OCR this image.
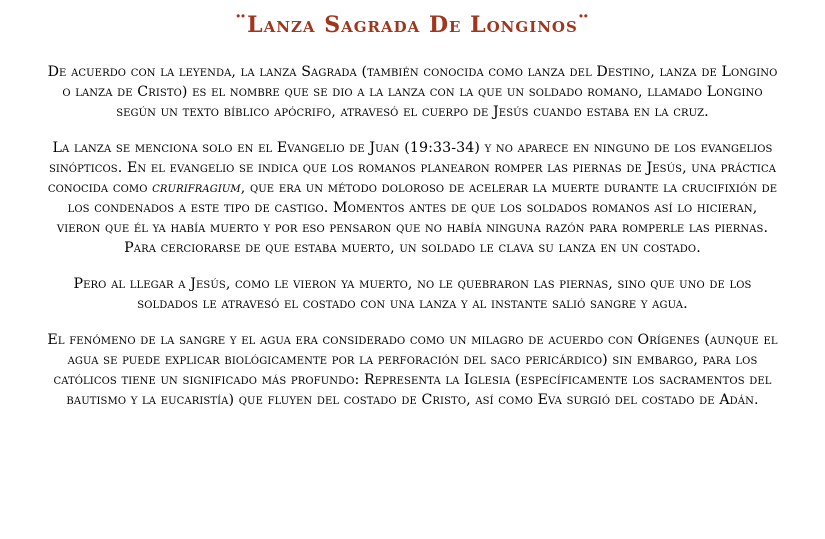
¨Lanza Sagrada De Longinos¨

De acuerdo con la leyenda, la lanza Sagrada (también conocida como lanza del Destino, lanza de Longino o lanza de Cristo) es el nombre que se dio a la lanza con la que un soldado romano, llamado Longino según un texto bíblico apócrifo, atravesó el cuerpo de Jesús cuando estaba en la cruz.

La lanza se menciona solo en el Evangelio de Juan (19:33-34) y no aparece en ninguno de los evangelios sinópticos. En el evangelio se indica que los romanos planearon romper las piernas de Jesús, una práctica conocida como crurifragium, que era un método doloroso de acelerar la muerte durante la crucifixión de los condenados a este tipo de castigo. Momentos antes de que los soldados romanos así lo hicieran, vieron que él ya había muerto y por eso pensaron que no había ninguna razón para romperle las piernas. Para cerciorarse de que estaba muerto, un soldado le clava su lanza en un costado.

Pero al llegar a Jesús, como le vieron ya muerto, no le quebraron las piernas, sino que uno de los soldados le atravesó el costado con una lanza y al instante salió sangre y agua.

El fenómeno de la sangre y el agua era considerado como un milagro de acuerdo con Orígenes (aunque el agua se puede explicar biológicamente por la perforación del saco pericárdico) sin embargo, para los católicos tiene un significado más profundo: Representa la Iglesia (específicamente los sacramentos del bautismo y la eucaristía) que fluyen del costado de Cristo, así como Eva surgió del costado de Adán.
